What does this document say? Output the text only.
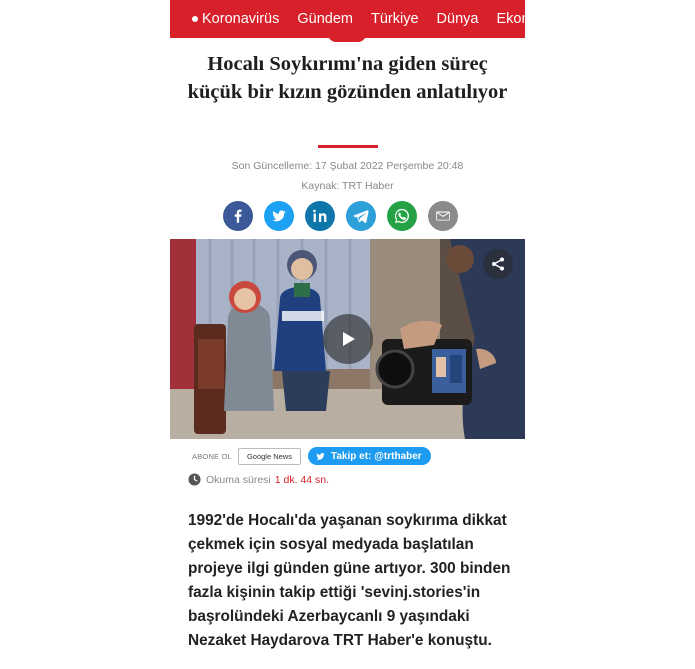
Koronavirüs Gündem Türkiye Dünya Ekonomi
Hocalı Soykırımı'na giden süreç küçük bir kızın gözünden anlatılıyor
Son Güncelleme: 17 Şubat 2022 Perşembe 20:48
Kaynak: TRT Haber
ABONE OL	Google News	Takip et: @trthaber
Okuma süresi 1 dk. 44 sn.

1992'de Hocalı'da yaşanan soykırıma dikkat çekmek için sosyal medyada başlatılan projeye ilgi günden güne artıyor. 300 binden fazla kişinin takip ettiği 'sevinj.stories'in başrolündeki Azerbaycanlı 9 yaşındaki Nezaket Haydarova TRT Haber'e konuştu.
